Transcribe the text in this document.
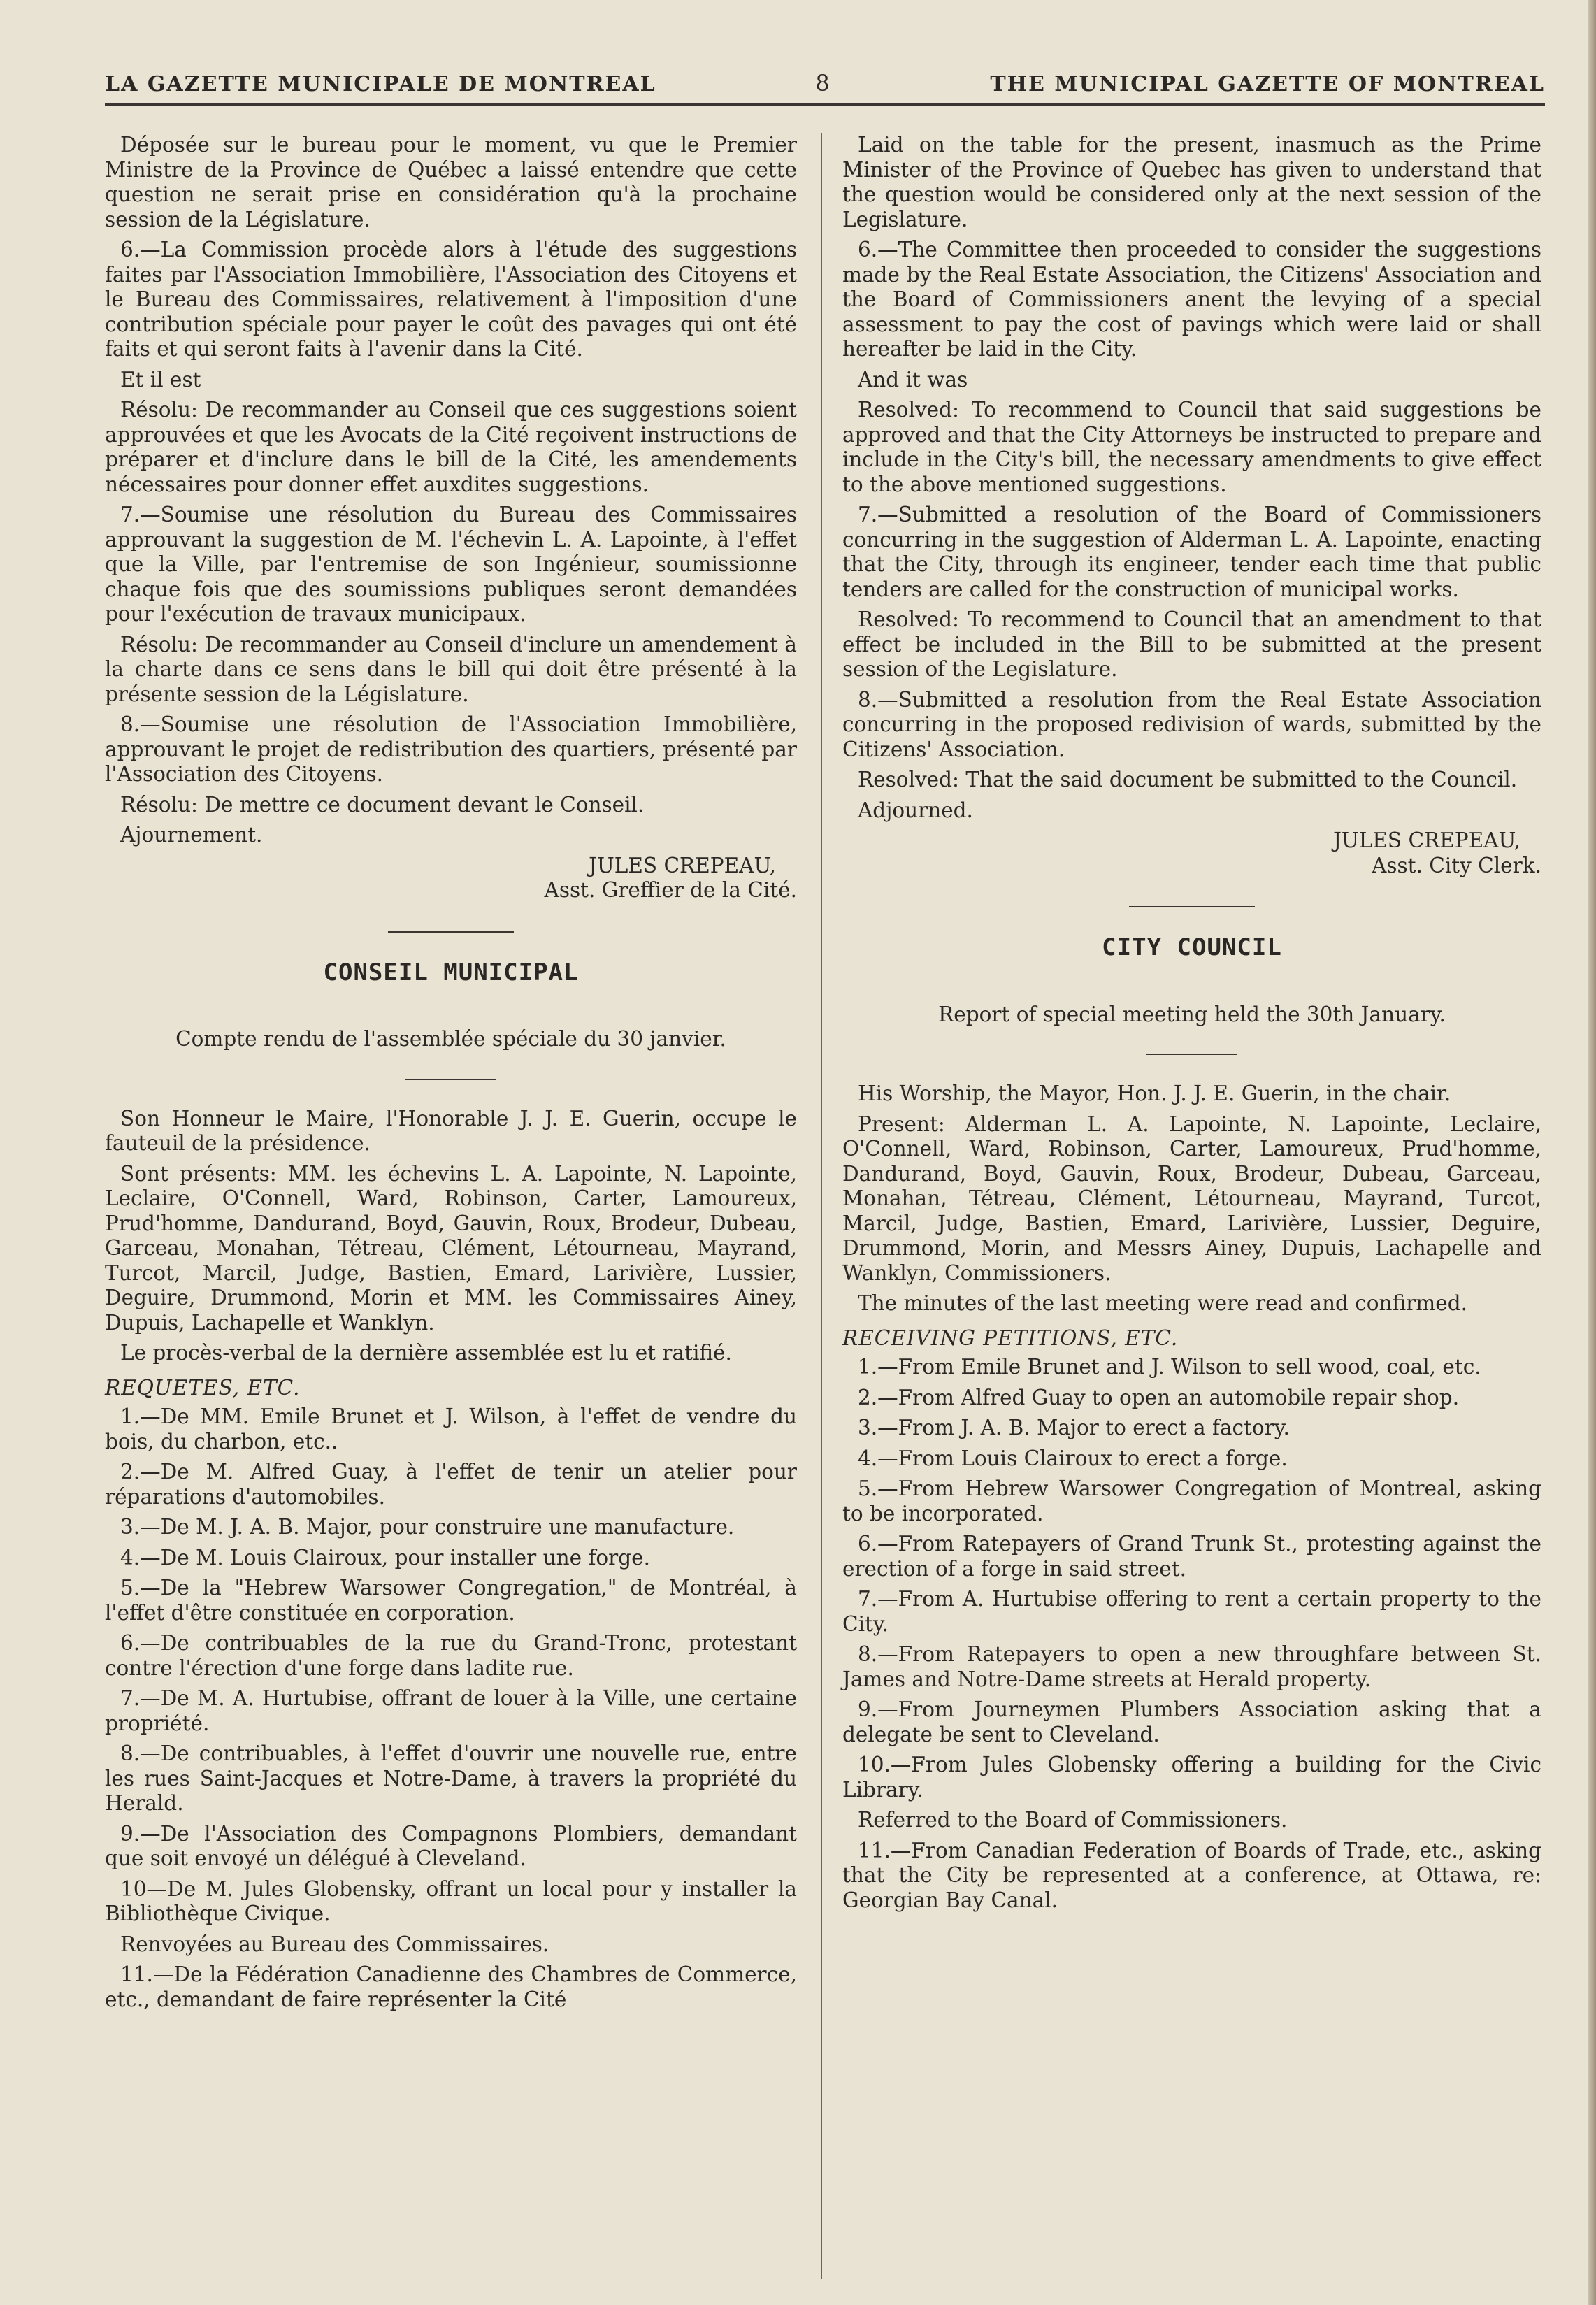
LA GAZETTE MUNICIPALE DE MONTREAL	8	THE MUNICIPAL GAZETTE OF MONTREAL

Déposée sur le bureau pour le moment, vu que le Premier Ministre de la Province de Québec a laissé entendre que cette question ne serait prise en considération qu'à la prochaine session de la Législature.

6.—La Commission procède alors à l'étude des suggestions faites par l'Association Immobilière, l'Association des Citoyens et le Bureau des Commissaires, relativement à l'imposition d'une contribution spéciale pour payer le coût des pavages qui ont été faits et qui seront faits à l'avenir dans la Cité.

Et il est

Résolu: De recommander au Conseil que ces suggestions soient approuvées et que les Avocats de la Cité reçoivent instructions de préparer et d'inclure dans le bill de la Cité, les amendements nécessaires pour donner effet auxdites suggestions.

7.—Soumise une résolution du Bureau des Commissaires approuvant la suggestion de M. l'échevin L. A. Lapointe, à l'effet que la Ville, par l'entremise de son Ingénieur, soumissionne chaque fois que des soumissions publiques seront demandées pour l'exécution de travaux municipaux.

Résolu: De recommander au Conseil d'inclure un amendement à la charte dans ce sens dans le bill qui doit être présenté à la présente session de la Législature.

8.—Soumise une résolution de l'Association Immobilière, approuvant le projet de redistribution des quartiers, présenté par l'Association des Citoyens.

Résolu: De mettre ce document devant le Conseil.

Ajournement.

JULES CREPEAU,

Asst. Greffier de la Cité.

CONSEIL MUNICIPAL

Compte rendu de l'assemblée spéciale du 30 janvier.

Son Honneur le Maire, l'Honorable J. J. E. Guerin, occupe le fauteuil de la présidence.

Sont présents: MM. les échevins L. A. Lapointe, N. Lapointe, Leclaire, O'Connell, Ward, Robinson, Carter, Lamoureux, Prud'homme, Dandurand, Boyd, Gauvin, Roux, Brodeur, Dubeau, Garceau, Monahan, Tétreau, Clément, Létourneau, Mayrand, Turcot, Marcil, Judge, Bastien, Emard, Larivière, Lussier, Deguire, Drummond, Morin et MM. les Commissaires Ainey, Dupuis, Lachapelle et Wanklyn.

Le procès-verbal de la dernière assemblée est lu et ratifié.

REQUETES, ETC.

1.—De MM. Emile Brunet et J. Wilson, à l'effet de vendre du bois, du charbon, etc..

2.—De M. Alfred Guay, à l'effet de tenir un atelier pour réparations d'automobiles.

3.—De M. J. A. B. Major, pour construire une manufacture.

4.—De M. Louis Clairoux, pour installer une forge.

5.—De la "Hebrew Warsower Congregation," de Montréal, à l'effet d'être constituée en corporation.

6.—De contribuables de la rue du Grand-Tronc, protestant contre l'érection d'une forge dans ladite rue.

7.—De M. A. Hurtubise, offrant de louer à la Ville, une certaine propriété.

8.—De contribuables, à l'effet d'ouvrir une nouvelle rue, entre les rues Saint-Jacques et Notre-Dame, à travers la propriété du Herald.

9.—De l'Association des Compagnons Plombiers, demandant que soit envoyé un délégué à Cleveland.

10—De M. Jules Globensky, offrant un local pour y installer la Bibliothèque Civique.

Renvoyées au Bureau des Commissaires.

11.—De la Fédération Canadienne des Chambres de Commerce, etc., demandant de faire représenter la Cité

Laid on the table for the present, inasmuch as the Prime Minister of the Province of Quebec has given to understand that the question would be considered only at the next session of the Legislature.

6.—The Committee then proceeded to consider the suggestions made by the Real Estate Association, the Citizens' Association and the Board of Commissioners anent the levying of a special assessment to pay the cost of pavings which were laid or shall hereafter be laid in the City.

And it was

Resolved: To recommend to Council that said suggestions be approved and that the City Attorneys be instructed to prepare and include in the City's bill, the necessary amendments to give effect to the above mentioned suggestions.

7.—Submitted a resolution of the Board of Commissioners concurring in the suggestion of Alderman L. A. Lapointe, enacting that the City, through its engineer, tender each time that public tenders are called for the construction of municipal works.

Resolved: To recommend to Council that an amendment to that effect be included in the Bill to be submitted at the present session of the Legislature.

8.—Submitted a resolution from the Real Estate Association concurring in the proposed redivision of wards, submitted by the Citizens' Association.

Resolved: That the said document be submitted to the Council.

Adjourned.

JULES CREPEAU,

Asst. City Clerk.

CITY COUNCIL

Report of special meeting held the 30th January.

His Worship, the Mayor, Hon. J. J. E. Guerin, in the chair.

Present: Alderman L. A. Lapointe, N. Lapointe, Leclaire, O'Connell, Ward, Robinson, Carter, Lamoureux, Prud'homme, Dandurand, Boyd, Gauvin, Roux, Brodeur, Dubeau, Garceau, Monahan, Tétreau, Clément, Létourneau, Mayrand, Turcot, Marcil, Judge, Bastien, Emard, Larivière, Lussier, Deguire, Drummond, Morin, and Messrs Ainey, Dupuis, Lachapelle and Wanklyn, Commissioners.

The minutes of the last meeting were read and confirmed.

RECEIVING PETITIONS, ETC.

1.—From Emile Brunet and J. Wilson to sell wood, coal, etc.

2.—From Alfred Guay to open an automobile repair shop.

3.—From J. A. B. Major to erect a factory.

4.—From Louis Clairoux to erect a forge.

5.—From Hebrew Warsower Congregation of Montreal, asking to be incorporated.

6.—From Ratepayers of Grand Trunk St., protesting against the erection of a forge in said street.

7.—From A. Hurtubise offering to rent a certain property to the City.

8.—From Ratepayers to open a new throughfare between St. James and Notre-Dame streets at Herald property.

9.—From Journeymen Plumbers Association asking that a delegate be sent to Cleveland.

10.—From Jules Globensky offering a building for the Civic Library.

Referred to the Board of Commissioners.

11.—From Canadian Federation of Boards of Trade, etc., asking that the City be represented at a conference, at Ottawa, re: Georgian Bay Canal.
